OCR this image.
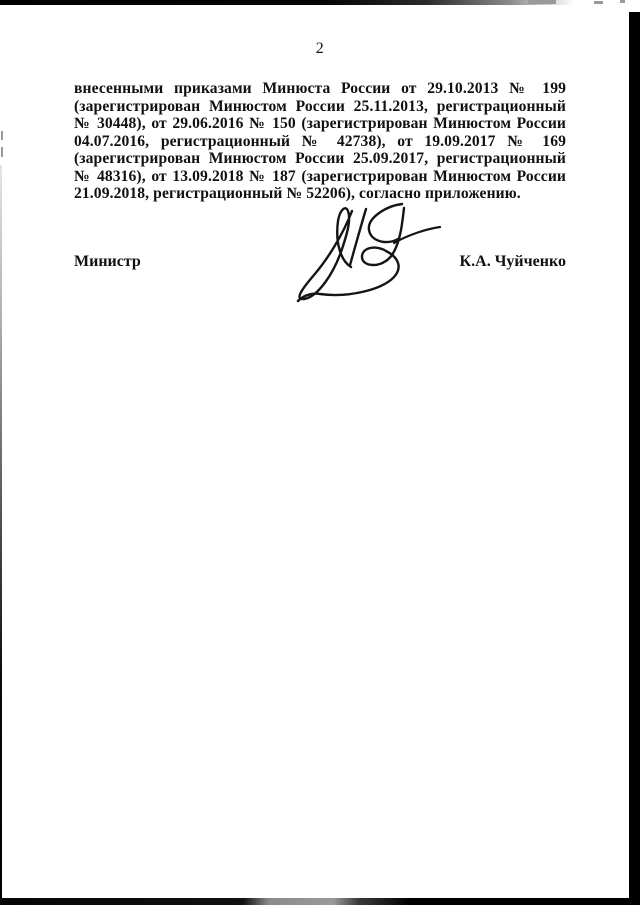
2
внесенными приказами Минюста России от 29.10.2013 № 199
(зарегистрирован Минюстом России 25.11.2013, регистрационный
№ 30448), от 29.06.2016 № 150 (зарегистрирован Минюстом России
04.07.2016, регистрационный № 42738), от 19.09.2017 № 169
(зарегистрирован Минюстом России 25.09.2017, регистрационный
№ 48316), от 13.09.2018 № 187 (зарегистрирован Минюстом России
21.09.2018, регистрационный № 52206), согласно приложению.
Министр	К.А. Чуйченко
